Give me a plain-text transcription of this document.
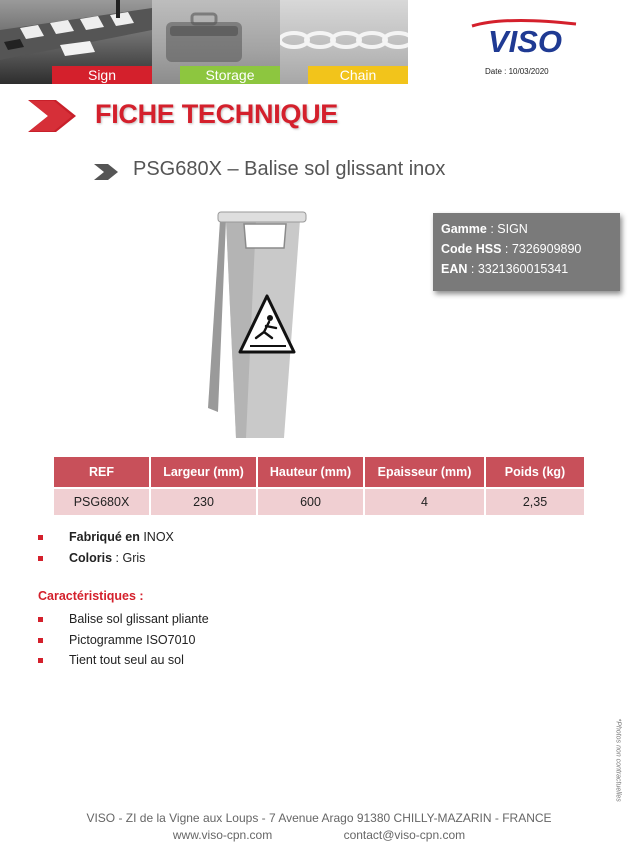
Sign	Storage	Chain
VISO
Date : 10/03/2020
FICHE TECHNIQUE
PSG680X – Balise sol glissant inox
Gamme : SIGN
Code HSS : 7326909890
EAN : 3321360015341
REF	Largeur (mm)	Hauteur (mm)	Epaisseur (mm)	Poids (kg)
PSG680X	230	600	4	2,35
Fabriqué en INOX
Coloris : Gris
Caractéristiques :
Balise sol glissant pliante
Pictogramme ISO7010
Tient tout seul au sol
*Photos non contractuelles
VISO - ZI de la Vigne aux Loups - 7 Avenue Arago 91380 CHILLY-MAZARIN - FRANCE
www.viso-cpn.com	contact@viso-cpn.com
